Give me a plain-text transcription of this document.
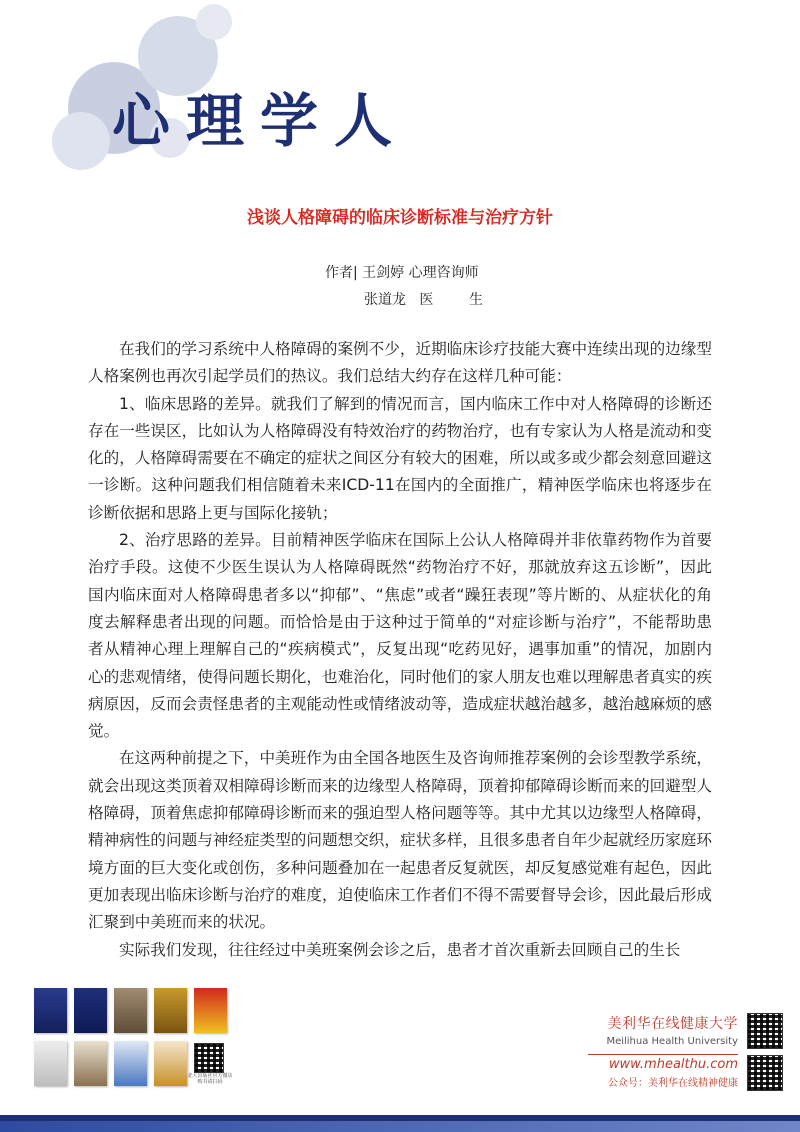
心理学人
浅谈人格障碍的临床诊断标准与治疗方针
作者| 王剑婷 心理咨询师
张道龙   医        生

在我们的学习系统中人格障碍的案例不少，近期临床诊疗技能大赛中连续出现的边缘型人格案例也再次引起学员们的热议。我们总结大约存在这样几种可能：

1、临床思路的差异。就我们了解到的情况而言，国内临床工作中对人格障碍的诊断还存在一些误区，比如认为人格障碍没有特效治疗的药物治疗，也有专家认为人格是流动和变化的，人格障碍需要在不确定的症状之间区分有较大的困难，所以或多或少都会刻意回避这一诊断。这种问题我们相信随着未来ICD-11在国内的全面推广，精神医学临床也将逐步在诊断依据和思路上更与国际化接轨；

2、治疗思路的差异。目前精神医学临床在国际上公认人格障碍并非依靠药物作为首要治疗手段。这使不少医生误认为人格障碍既然“药物治疗不好，那就放弃这五诊断”，因此国内临床面对人格障碍患者多以“抑郁”、“焦虑”或者“躁狂表现”等片断的、从症状化的角度去解释患者出现的问题。而恰恰是由于这种过于简单的“对症诊断与治疗”，不能帮助患者从精神心理上理解自己的“疾病模式”，反复出现“吃药见好，遇事加重”的情况，加剧内心的悲观情绪，使得问题长期化，也难治化，同时他们的家人朋友也难以理解患者真实的疾病原因，反而会责怪患者的主观能动性或情绪波动等，造成症状越治越多，越治越麻烦的感觉。

在这两种前提之下，中美班作为由全国各地医生及咨询师推荐案例的会诊型教学系统，就会出现这类顶着双相障碍诊断而来的边缘型人格障碍，顶着抑郁障碍诊断而来的回避型人格障碍，顶着焦虑抑郁障碍诊断而来的强迫型人格问题等等。其中尤其以边缘型人格障碍，精神病性的问题与神经症类型的问题想交织，症状多样，且很多患者自年少起就经历家庭环境方面的巨大变化或创伤，多种问题叠加在一起患者反复就医，却反复感觉难有起色，因此更加表现出临床诊断与治疗的难度，迫使临床工作者们不得不需要督导会诊，因此最后形成汇聚到中美班而来的状况。

实际我们发现，往往经过中美班案例会诊之后，患者才首次重新去回顾自己的生长

北大出版社官方微店 购书请扫码
美利华在线健康大学
Meilihua Health University
www.mhealthu.com
公众号：美利华在线精神健康
